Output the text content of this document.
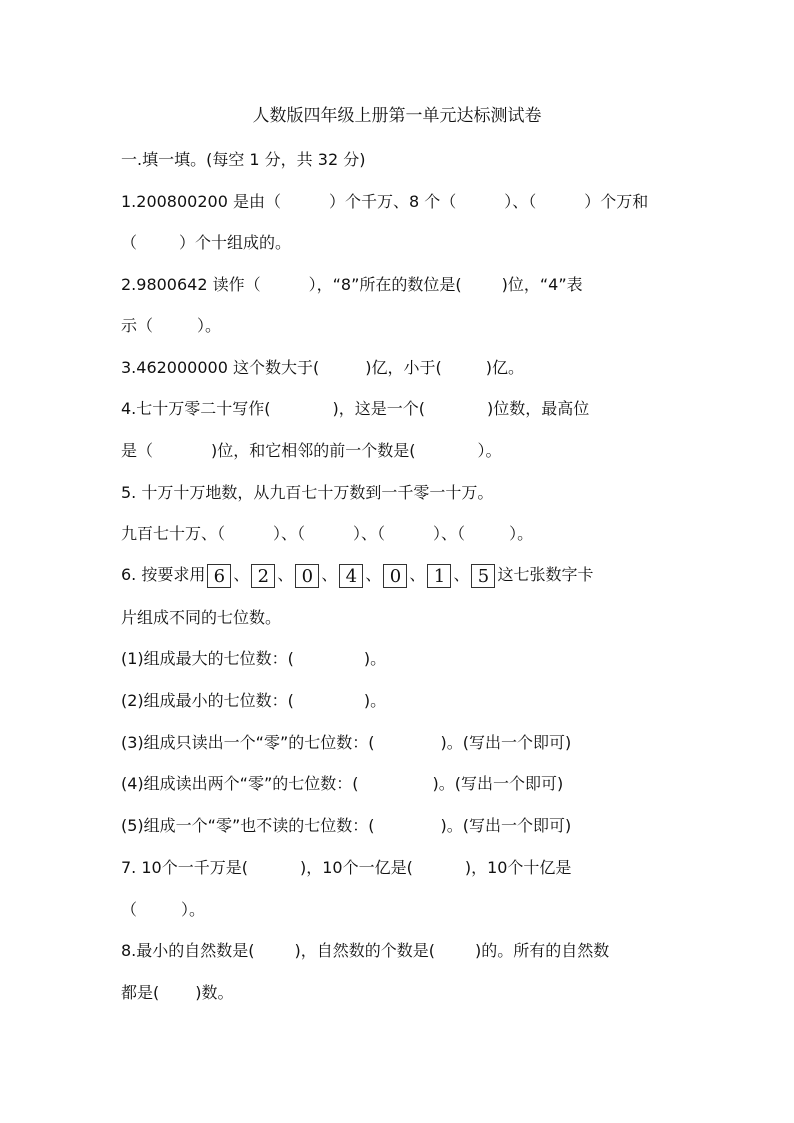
人数版四年级上册第一单元达标测试卷
一.填一填。(每空 1 分，共 32 分)
1.200800200 是由（	）个千万、8 个（	）、（	）个万和
（	）个十组成的。
2.9800642 读作（	），“8”所在的数位是(	)位，“4”表
示（	）。
3.462000000 这个数大于(	)亿，小于(	)亿。
4.七十万零二十写作(	)，这是一个(	)位数，最高位
是（	)位，和它相邻的前一个数是(	）。
5. 十万十万地数，从九百七十万数到一千零一十万。
九百七十万、（	）、（	）、（	）、（	）。
6. 按要求用 6 、 2 、 0 、 4 、 0 、 1 、 5 这七张数字卡
片组成不同的七位数。
(1)组成最大的七位数：(	)。
(2)组成最小的七位数：(	)。
(3)组成只读出一个“零”的七位数：(	)。(写出一个即可)
(4)组成读出两个“零”的七位数：(	)。(写出一个即可)
(5)组成一个“零”也不读的七位数：(	)。(写出一个即可)
7. 10个一千万是(	)，10个一亿是(	)，10个十亿是
（	）。
8.最小的自然数是(	)，自然数的个数是(	)的。所有的自然数
都是( )数。
